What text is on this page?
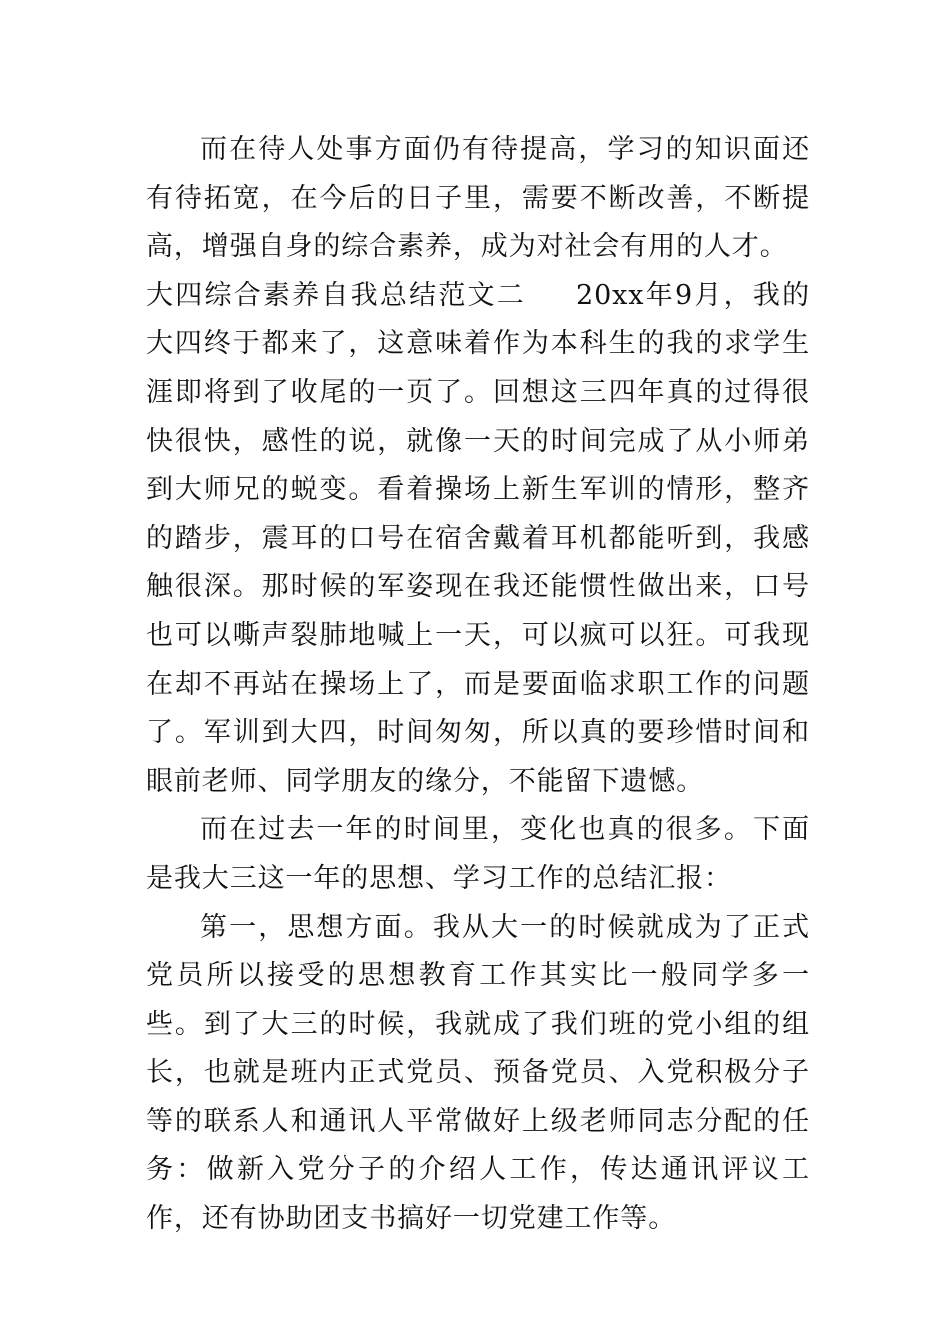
而在待人处事方面仍有待提高，学习的知识面还有待拓宽，在今后的日子里，需要不断改善，不断提高，增强自身的综合素养，成为对社会有用的人才。

大四综合素养自我总结范文二 20xx年9月，我的大四终于都来了，这意味着作为本科生的我的求学生涯即将到了收尾的一页了。回想这三四年真的过得很快很快，感性的说，就像一天的时间完成了从小师弟到大师兄的蜕变。看着操场上新生军训的情形，整齐的踏步，震耳的口号在宿舍戴着耳机都能听到，我感触很深。那时候的军姿现在我还能惯性做出来，口号也可以嘶声裂肺地喊上一天，可以疯可以狂。可我现在却不再站在操场上了，而是要面临求职工作的问题了。军训到大四，时间匆匆，所以真的要珍惜时间和眼前老师、同学朋友的缘分，不能留下遗憾。

而在过去一年的时间里，变化也真的很多。下面是我大三这一年的思想、学习工作的总结汇报：

第一，思想方面。我从大一的时候就成为了正式党员所以接受的思想教育工作其实比一般同学多一些。到了大三的时候，我就成了我们班的党小组的组长，也就是班内正式党员、预备党员、入党积极分子等的联系人和通讯人平常做好上级老师同志分配的任务：做新入党分子的介绍人工作，传达通讯评议工作，还有协助团支书搞好一切党建工作等。
